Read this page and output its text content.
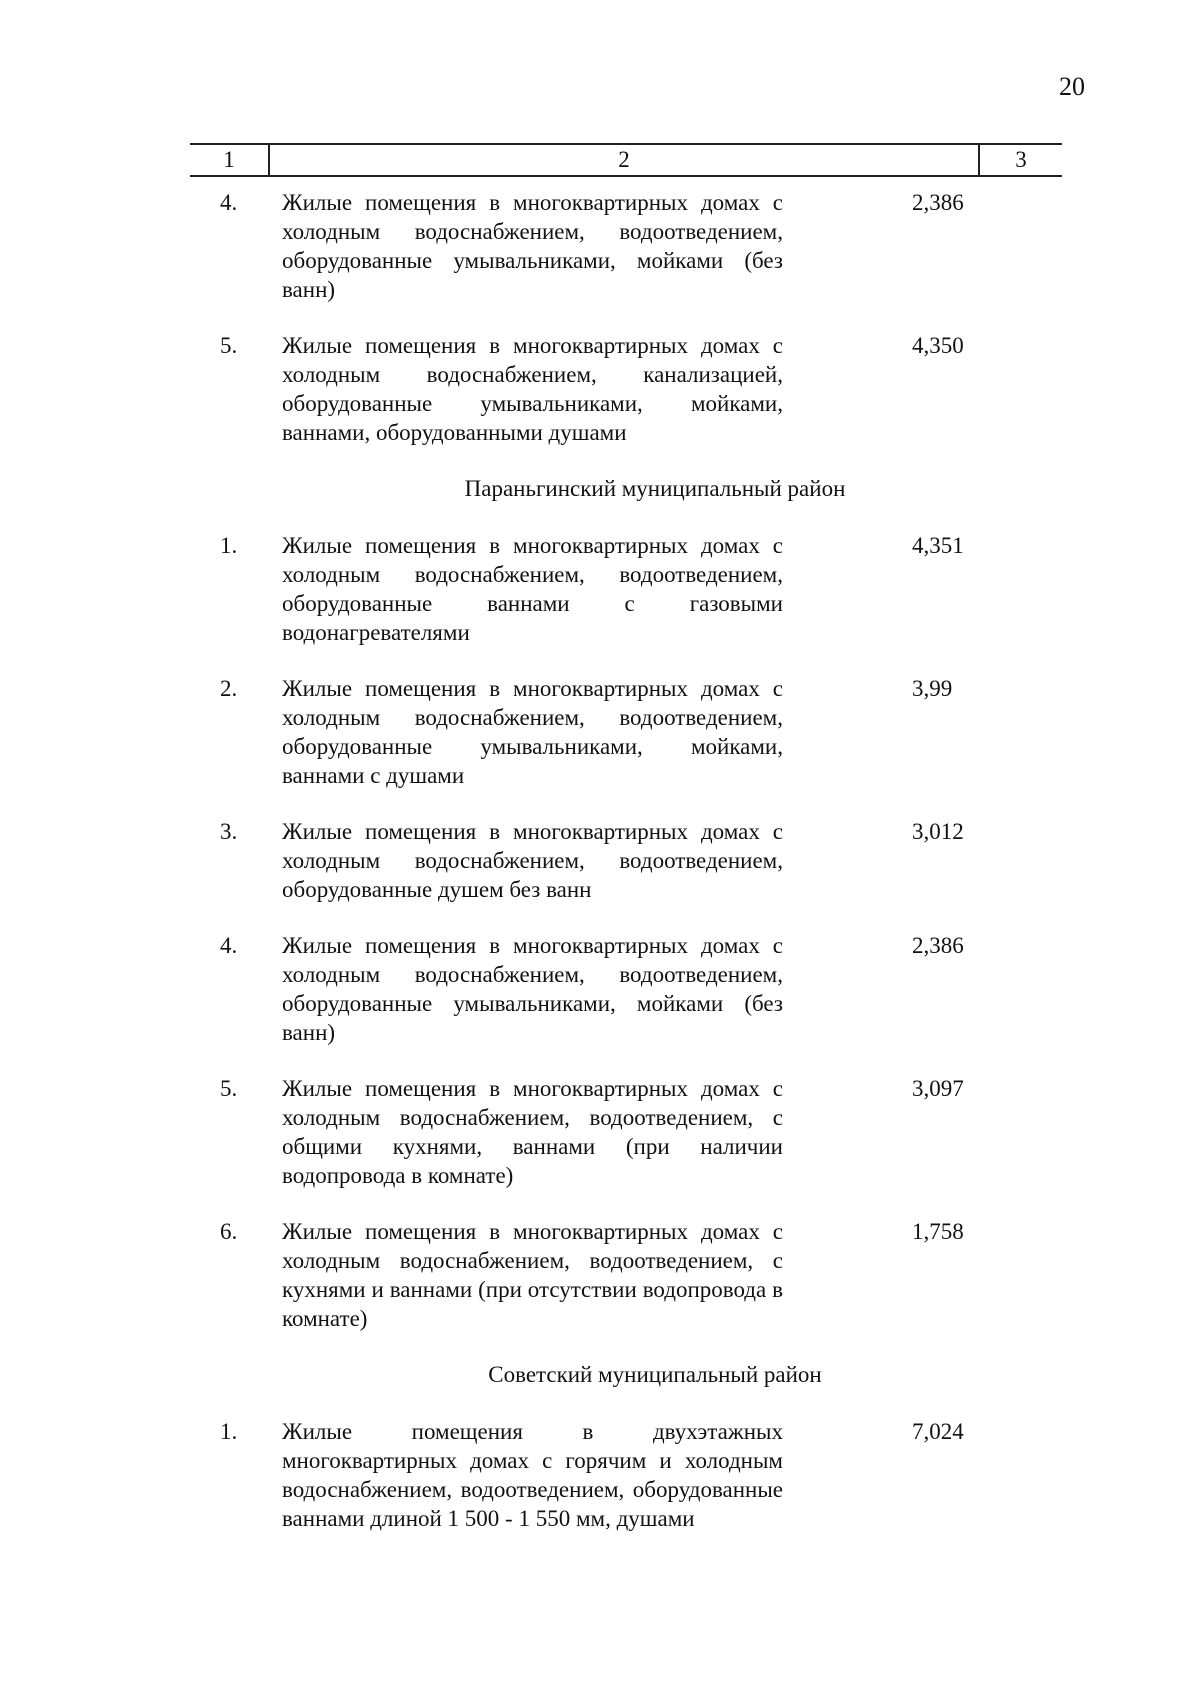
20
1	2	3
4. Жилые помещения в многоквартирных домах с холодным водоснабжением, водоотведением, оборудованные умывальниками, мойками (без ванн)
2,386
5. Жилые помещения в многоквартирных домах с холодным водоснабжением, канализацией, оборудованные умывальниками, мойками, ваннами, оборудованными душами
4,350
Параньгинский муниципальный район
1. Жилые помещения в многоквартирных домах с холодным водоснабжением, водоотведением, оборудованные ваннами с газовыми водонагревателями
4,351
2. Жилые помещения в многоквартирных домах с холодным водоснабжением, водоотведением, оборудованные умывальниками, мойками, ваннами с душами
3,99
3. Жилые помещения в многоквартирных домах с холодным водоснабжением, водоотведением, оборудованные душем без ванн
3,012
4. Жилые помещения в многоквартирных домах с холодным водоснабжением, водоотведением, оборудованные умывальниками, мойками (без ванн)
2,386
5. Жилые помещения в многоквартирных домах с холодным водоснабжением, водоотведением, с общими кухнями, ваннами (при наличии водопровода в комнате)
3,097
6. Жилые помещения в многоквартирных домах с холодным водоснабжением, водоотведением, с кухнями и ваннами (при отсутствии водопровода в комнате)
1,758
Советский муниципальный район
1. Жилые помещения в двухэтажных многоквартирных домах с горячим и холодным водоснабжением, водоотведением, оборудованные ваннами длиной 1 500 - 1 550 мм, душами
7,024
